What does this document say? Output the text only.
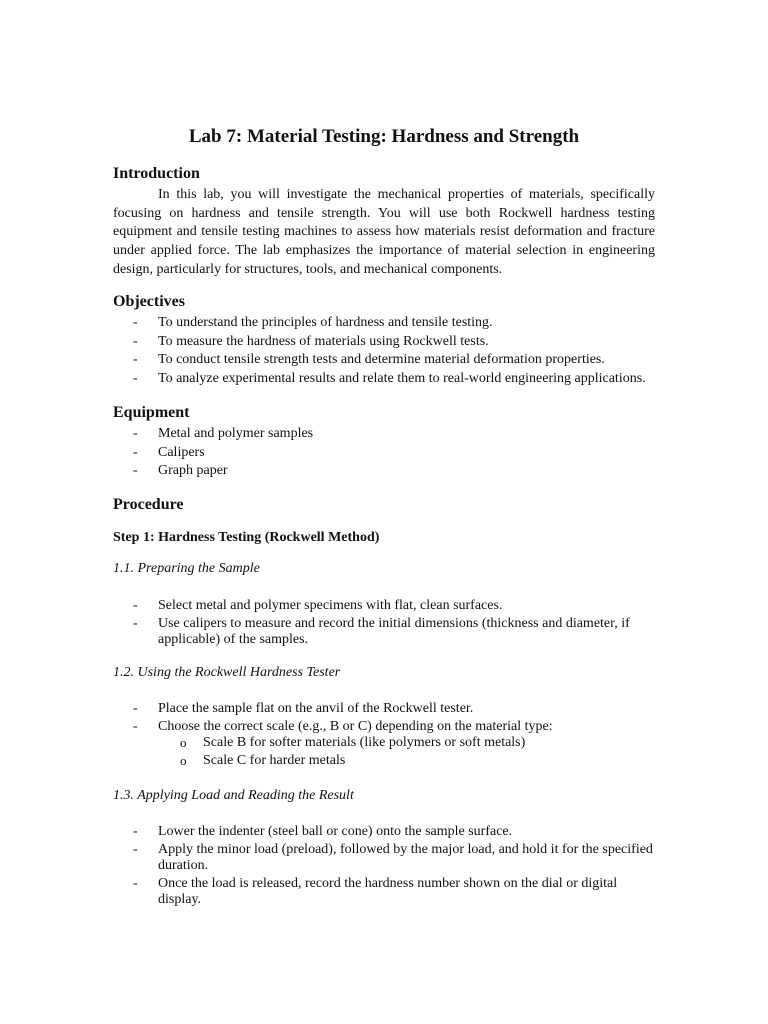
Lab 7: Material Testing: Hardness and Strength
Introduction

In this lab, you will investigate the mechanical properties of materials, specifically focusing on hardness and tensile strength. You will use both Rockwell hardness testing equipment and tensile testing machines to assess how materials resist deformation and fracture under applied force. The lab emphasizes the importance of material selection in engineering design, particularly for structures, tools, and mechanical components.

Objectives
- To understand the principles of hardness and tensile testing.
- To measure the hardness of materials using Rockwell tests.
- To conduct tensile strength tests and determine material deformation properties.
- To analyze experimental results and relate them to real-world engineering applications.
Equipment
- Metal and polymer samples
- Calipers
- Graph paper
Procedure

Step 1: Hardness Testing (Rockwell Method)

1.1. Preparing the Sample

- Select metal and polymer specimens with flat, clean surfaces.
- Use calipers to measure and record the initial dimensions (thickness and diameter, if applicable) of the samples.

1.2. Using the Rockwell Hardness Tester

- Place the sample flat on the anvil of the Rockwell tester.
- Choose the correct scale (e.g., B or C) depending on the material type:
o Scale B for softer materials (like polymers or soft metals)
o Scale C for harder metals

1.3. Applying Load and Reading the Result

- Lower the indenter (steel ball or cone) onto the sample surface.
- Apply the minor load (preload), followed by the major load, and hold it for the specified duration.
- Once the load is released, record the hardness number shown on the dial or digital display.
